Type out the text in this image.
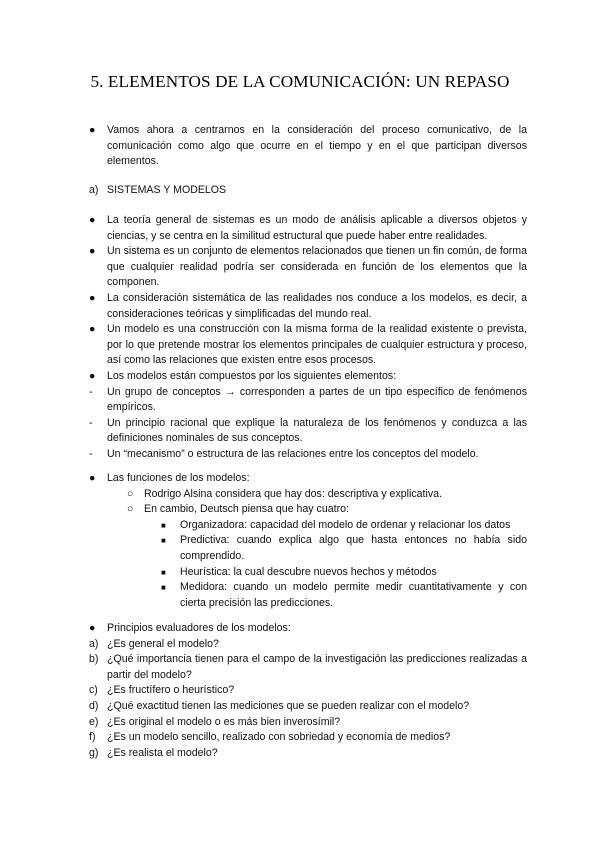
5. ELEMENTOS DE LA COMUNICACIÓN: UN REPASO
●	Vamos ahora a centrarnos en la consideración del proceso comunicativo, de la comunicación como algo que ocurre en el tiempo y en el que participan diversos elementos.
a) SISTEMAS Y MODELOS
●	La teoría general de sistemas es un modo de análisis aplicable a diversos objetos y ciencias, y se centra en la similitud estructural que puede haber entre realidades.
●	Un sistema es un conjunto de elementos relacionados que tienen un fin común, de forma que cualquier realidad podría ser considerada en función de los elementos que la componen.
●	La consideración sistemática de las realidades nos conduce a los modelos, es decir, a consideraciones teóricas y simplificadas del mundo real.
●	Un modelo es una construcción con la misma forma de la realidad existente o prevista, por lo que pretende mostrar los elementos principales de cualquier estructura y proceso, así como las relaciones que existen entre esos procesos.
●	Los modelos están compuestos por los siguientes elementos:
-	Un grupo de conceptos → corresponden a partes de un tipo específico de fenómenos empíricos.
-	Un principio racional que explique la naturaleza de los fenómenos y conduzca a las definiciones nominales de sus conceptos.
-	Un “mecanismo” o estructura de las relaciones entre los conceptos del modelo.
●	Las funciones de los modelos:
○ Rodrigo Alsina considera que hay dos: descriptiva y explicativa.
○ En cambio, Deutsch piensa que hay cuatro:
■ Organizadora: capacidad del modelo de ordenar y relacionar los datos
■ Predictiva: cuando explica algo que hasta entonces no había sido comprendido.
■ Heurística: la cual descubre nuevos hechos y métodos
■ Medidora: cuando un modelo permite medir cuantitativamente y con cierta precisión las predicciones.
●	Principios evaluadores de los modelos:
a) ¿Es general el modelo?
b) ¿Qué importancia tienen para el campo de la investigación las predicciones realizadas a partir del modelo?
c) ¿Es fructífero o heurístico?
d) ¿Qué exactitud tienen las mediciones que se pueden realizar con el modelo?
e) ¿Es original el modelo o es más bien inverosímil?
f)	¿Es un modelo sencillo, realizado con sobriedad y economía de medios?
g) ¿Es realista el modelo?
